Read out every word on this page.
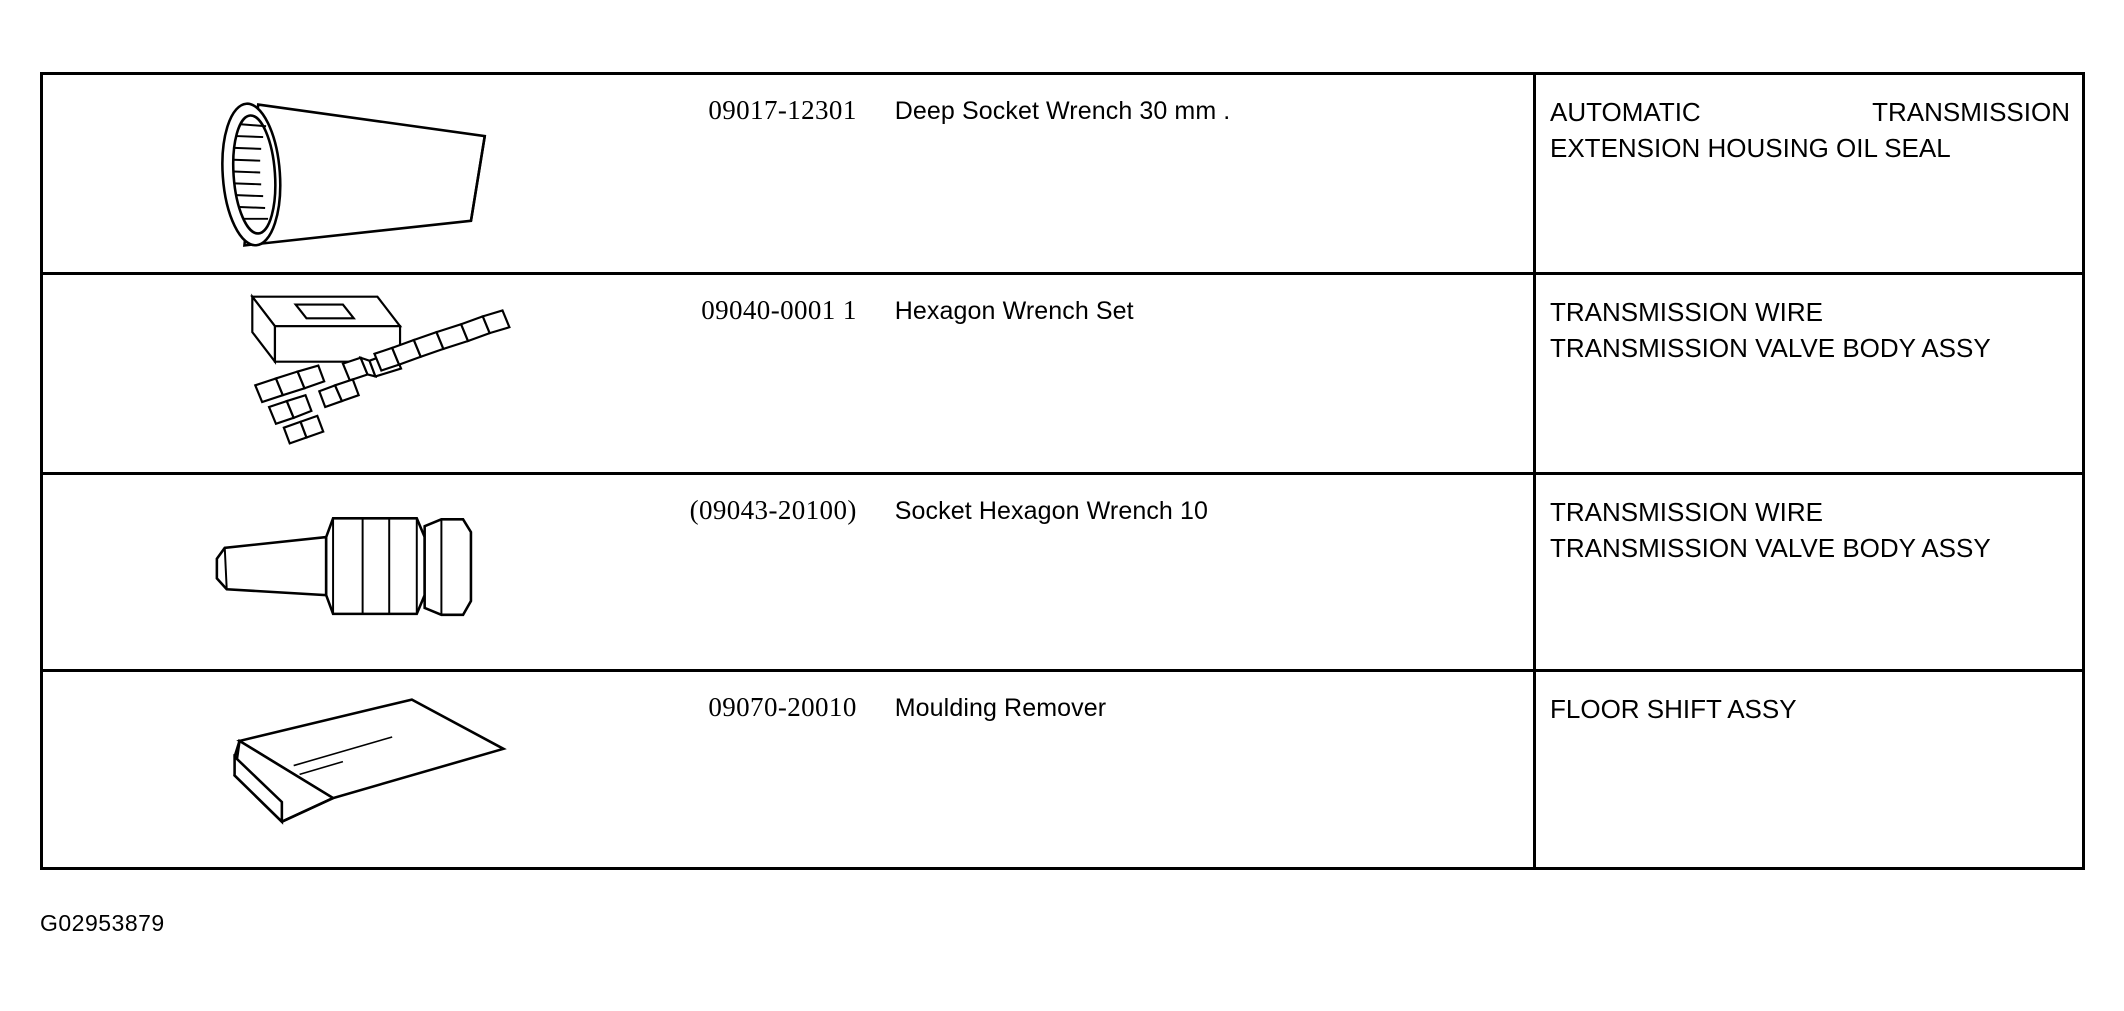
	09017-12301	Deep Socket Wrench 30 mm .	AUTOMATIC TRANSMISSION
EXTENSION HOUSING OIL SEAL

	09040-0001 1	Hexagon Wrench Set	TRANSMISSION WIRE
TRANSMISSION VALVE BODY ASSY

	(09043-20100)	Socket Hexagon Wrench 10	TRANSMISSION WIRE
TRANSMISSION VALVE BODY ASSY

	09070-20010	Moulding Remover	FLOOR SHIFT ASSY
G02953879
